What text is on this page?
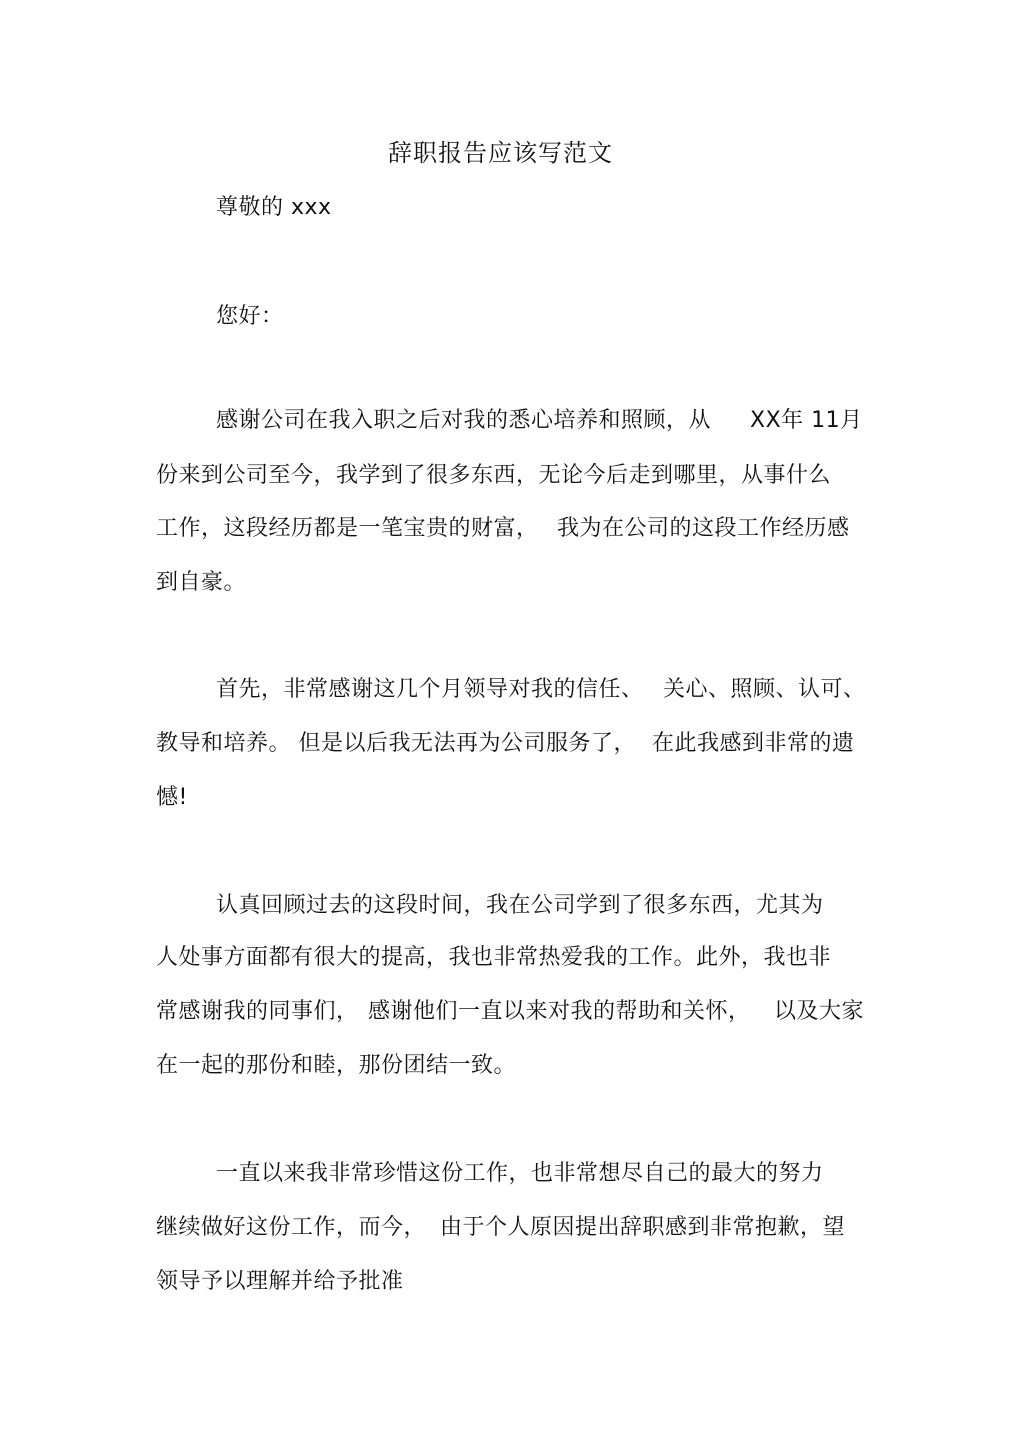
辞职报告应该写范文
尊敬的 xxx
您好：
感谢公司在我入职之后对我的悉心培养和照顾，从 XX年 11月
份来到公司至今，我学到了很多东西，无论今后走到哪里，从事什么
工作，这段经历都是一笔宝贵的财富， 我为在公司的这段工作经历感
到自豪。
首先，非常感谢这几个月领导对我的信任、 关心、照顾、认可、
教导和培养。 但是以后我无法再为公司服务了， 在此我感到非常的遗
憾!
认真回顾过去的这段时间，我在公司学到了很多东西，尤其为
人处事方面都有很大的提高，我也非常热爱我的工作。此外，我也非
常感谢我的同事们， 感谢他们一直以来对我的帮助和关怀， 以及大家
在一起的那份和睦，那份团结一致。
一直以来我非常珍惜这份工作，也非常想尽自己的最大的努力
继续做好这份工作，而今， 由于个人原因提出辞职感到非常抱歉，望
领导予以理解并给予批准
